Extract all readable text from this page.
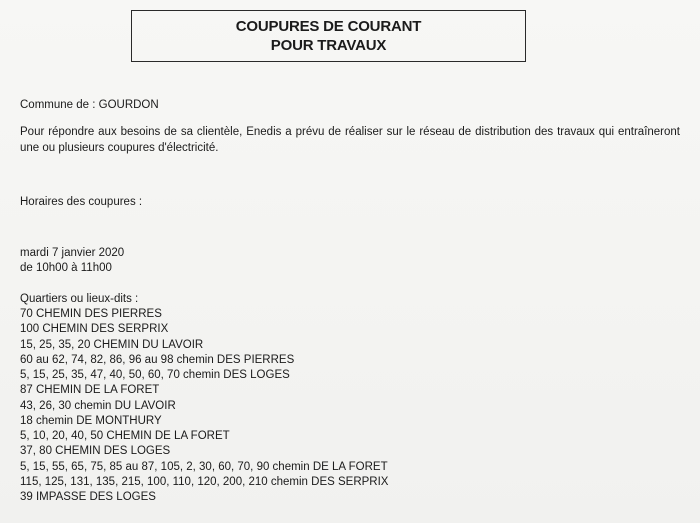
COUPURES DE COURANT
POUR TRAVAUX
Commune de : GOURDON
Pour répondre aux besoins de sa clientèle, Enedis a prévu de réaliser sur le réseau de distribution des travaux qui entraîneront une ou plusieurs coupures d'électricité.
Horaires des coupures :
mardi 7 janvier 2020
de 10h00 à 11h00
Quartiers ou lieux-dits :
70 CHEMIN DES PIERRES
100 CHEMIN DES SERPRIX
15, 25, 35, 20 CHEMIN DU LAVOIR
60 au 62, 74, 82, 86, 96 au 98 chemin DES PIERRES
5, 15, 25, 35, 47, 40, 50, 60, 70 chemin DES LOGES
87 CHEMIN DE LA FORET
43, 26, 30 chemin DU LAVOIR
18 chemin DE MONTHURY
5, 10, 20, 40, 50 CHEMIN DE LA FORET
37, 80 CHEMIN DES LOGES
5, 15, 55, 65, 75, 85 au 87, 105, 2, 30, 60, 70, 90 chemin DE LA FORET
115, 125, 131, 135, 215, 100, 110, 120, 200, 210 chemin DES SERPRIX
39 IMPASSE DES LOGES
